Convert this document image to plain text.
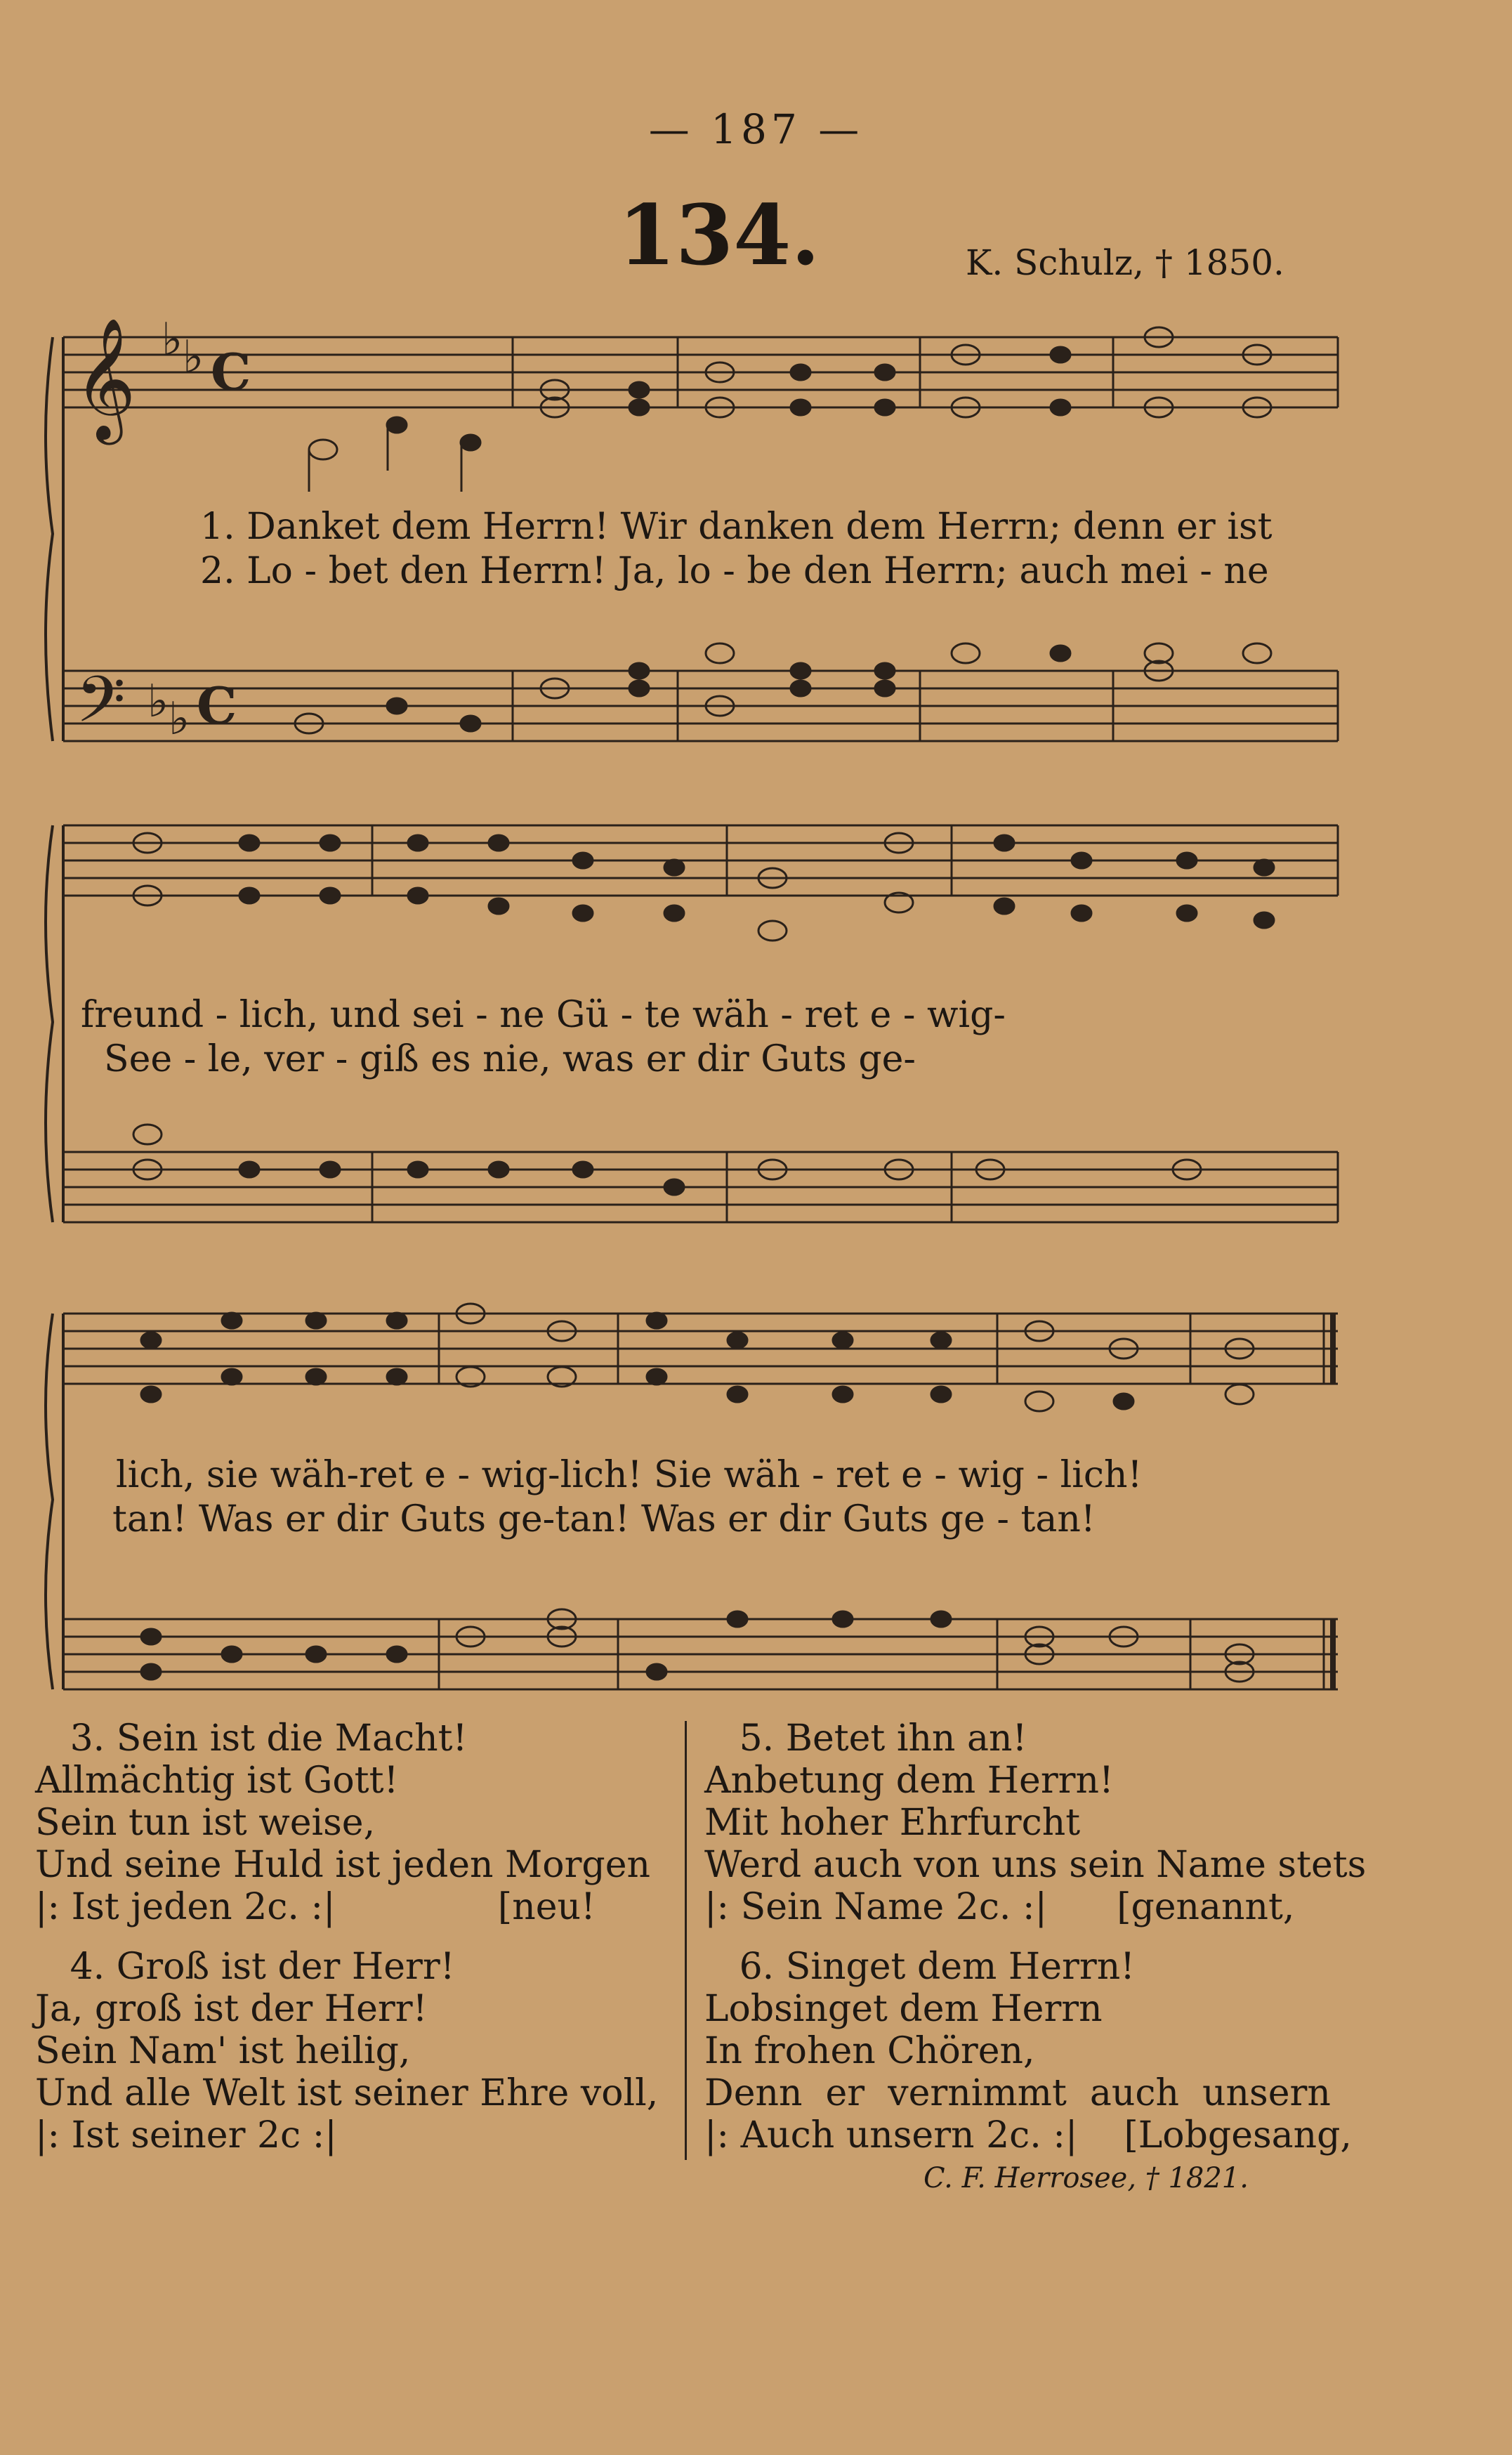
— 187 —
134.	K. Schulz, † 1850.
𝄞 ♭ ♭ C
𝄢 ♭ ♭ C
1. Danket dem Herrn! Wir danken dem Herrn; denn er ist
2. Lo - bet den Herrn! Ja, lo - be den Herrn; auch mei - ne
freund - lich, und sei - ne Gü - te wäh - ret e - wig-
See - le, ver - giß es nie, was er dir Guts ge-
lich, sie wäh-ret e - wig-lich! Sie wäh - ret e - wig - lich!
tan! Was er dir Guts ge-tan! Was er dir Guts ge - tan!
3. Sein ist die Macht!
Allmächtig ist Gott!
Sein tun ist weise,
Und seine Huld ist jeden Morgen
|: Ist jeden 2c. :|              [neu!
4. Groß ist der Herr!
Ja, groß ist der Herr!
Sein Nam' ist heilig,
Und alle Welt ist seiner Ehre voll,
|: Ist seiner 2c :|
5. Betet ihn an!
Anbetung dem Herrn!
Mit hoher Ehrfurcht
Werd auch von uns sein Name stets
|: Sein Name 2c. :|      [genannt,
6. Singet dem Herrn!
Lobsinget dem Herrn
In frohen Chören,
Denn  er  vernimmt  auch  unsern
|: Auch unsern 2c. :|    [Lobgesang,
C. F. Herrosee, † 1821.
